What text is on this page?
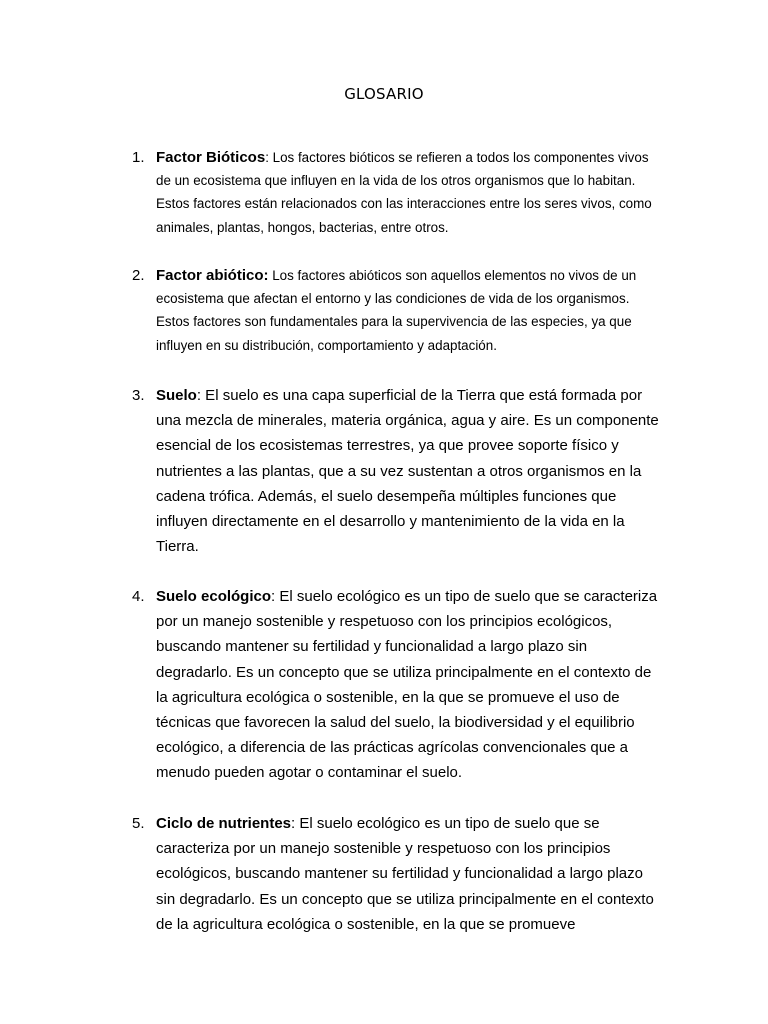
GLOSARIO
1. Factor Bióticos: Los factores bióticos se refieren a todos los componentes vivos de un ecosistema que influyen en la vida de los otros organismos que lo habitan. Estos factores están relacionados con las interacciones entre los seres vivos, como animales, plantas, hongos, bacterias, entre otros.
2. Factor abiótico: Los factores abióticos son aquellos elementos no vivos de un ecosistema que afectan el entorno y las condiciones de vida de los organismos. Estos factores son fundamentales para la supervivencia de las especies, ya que influyen en su distribución, comportamiento y adaptación.
3. Suelo: El suelo es una capa superficial de la Tierra que está formada por una mezcla de minerales, materia orgánica, agua y aire. Es un componente esencial de los ecosistemas terrestres, ya que provee soporte físico y nutrientes a las plantas, que a su vez sustentan a otros organismos en la cadena trófica. Además, el suelo desempeña múltiples funciones que influyen directamente en el desarrollo y mantenimiento de la vida en la Tierra.
4. Suelo ecológico: El suelo ecológico es un tipo de suelo que se caracteriza por un manejo sostenible y respetuoso con los principios ecológicos, buscando mantener su fertilidad y funcionalidad a largo plazo sin degradarlo. Es un concepto que se utiliza principalmente en el contexto de la agricultura ecológica o sostenible, en la que se promueve el uso de técnicas que favorecen la salud del suelo, la biodiversidad y el equilibrio ecológico, a diferencia de las prácticas agrícolas convencionales que a menudo pueden agotar o contaminar el suelo.
5. Ciclo de nutrientes: El suelo ecológico es un tipo de suelo que se caracteriza por un manejo sostenible y respetuoso con los principios ecológicos, buscando mantener su fertilidad y funcionalidad a largo plazo sin degradarlo. Es un concepto que se utiliza principalmente en el contexto de la agricultura ecológica o sostenible, en la que se promueve
